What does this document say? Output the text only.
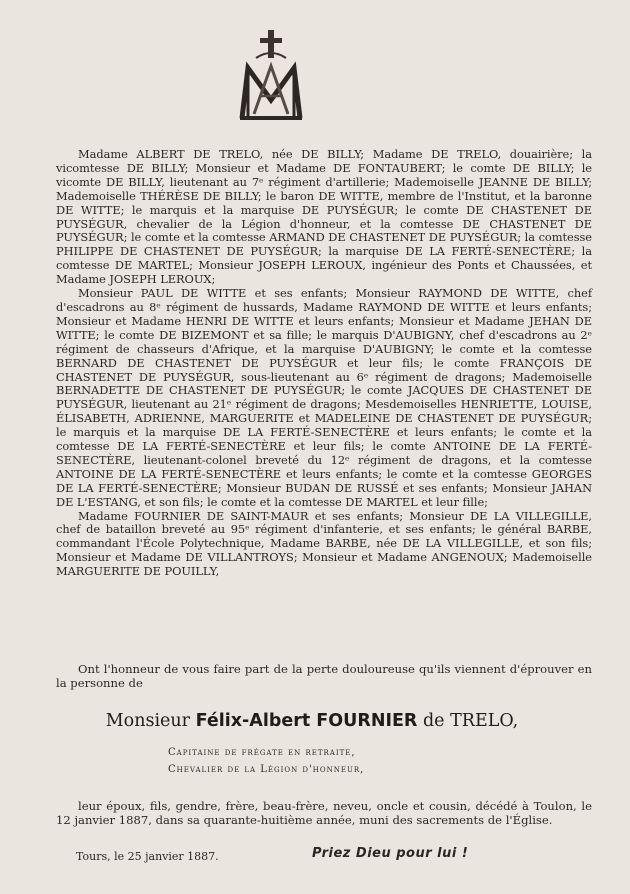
Madame ALBERT DE TRELO, née DE BILLY; Madame DE TRELO, douairière; la vicomtesse DE BILLY; Monsieur et Madame DE FONTAUBERT; le comte DE BILLY; le vicomte DE BILLY, lieutenant au 7ᵉ régiment d'artillerie; Mademoiselle JEANNE DE BILLY; Mademoiselle THÉRÈSE DE BILLY; le baron DE WITTE, membre de l'Institut, et la baronne DE WITTE; le marquis et la marquise DE PUYSÉGUR; le comte DE CHASTENET DE PUYSÉGUR, chevalier de la Légion d'honneur, et la comtesse DE CHASTENET DE PUYSÉGUR; le comte et la comtesse ARMAND DE CHASTENET DE PUYSÉGUR; la comtesse PHILIPPE DE CHASTENET DE PUYSÉGUR; la marquise DE LA FERTÉ-SENECTÈRE; la comtesse DE MARTEL; Monsieur JOSEPH LEROUX, ingénieur des Ponts et Chaussées, et Madame JOSEPH LEROUX;

Monsieur PAUL DE WITTE et ses enfants; Monsieur RAYMOND DE WITTE, chef d'escadrons au 8ᵉ régiment de hussards, Madame RAYMOND DE WITTE et leurs enfants; Monsieur et Madame HENRI DE WITTE et leurs enfants; Monsieur et Madame JEHAN DE WITTE; le comte DE BIZEMONT et sa fille; le marquis D'AUBIGNY, chef d'escadrons au 2ᵉ régiment de chasseurs d'Afrique, et la marquise D'AUBIGNY; le comte et la comtesse BERNARD DE CHASTENET DE PUYSÉGUR et leur fils; le comte FRANÇOIS DE CHASTENET DE PUYSÉGUR, sous-lieutenant au 6ᵉ régiment de dragons; Mademoiselle BERNADETTE DE CHASTENET DE PUYSÉGUR; le comte JACQUES DE CHASTENET DE PUYSÉGUR, lieutenant au 21ᵉ régiment de dragons; Mesdemoiselles HENRIETTE, LOUISE, ÉLISABETH, ADRIENNE, MARGUERITE et MADELEINE DE CHASTENET DE PUYSÉGUR; le marquis et la marquise DE LA FERTÉ-SENECTÈRE et leurs enfants; le comte et la comtesse DE LA FERTÉ-SENECTÈRE et leur fils; le comte ANTOINE DE LA FERTÉ-SENECTÈRE, lieutenant-colonel breveté du 12ᵉ régiment de dragons, et la comtesse ANTOINE DE LA FERTÉ-SENECTÈRE et leurs enfants; le comte et la comtesse GEORGES DE LA FERTÉ-SENECTÈRE; Monsieur BUDAN DE RUSSÉ et ses enfants; Monsieur JAHAN DE L'ESTANG, et son fils; le comte et la comtesse DE MARTEL et leur fille;

Madame FOURNIER DE SAINT-MAUR et ses enfants; Monsieur DE LA VILLEGILLE, chef de bataillon breveté au 95ᵉ régiment d'infanterie, et ses enfants; le général BARBE, commandant l'École Polytechnique, Madame BARBE, née DE LA VILLEGILLE, et son fils; Monsieur et Madame DE VILLANTROYS; Monsieur et Madame ANGENOUX; Mademoiselle MARGUERITE DE POUILLY,

Ont l'honneur de vous faire part de la perte douloureuse qu'ils viennent d'éprouver en la personne de

Monsieur Félix-Albert FOURNIER de TRELO,
Capitaine de frégate en retraite,
Chevalier de la Légion d'honneur,

leur époux, fils, gendre, frère, beau-frère, neveu, oncle et cousin, décédé à Toulon, le 12 janvier 1887, dans sa quarante-huitième année, muni des sacrements de l'Église.

Tours, le 25 janvier 1887.	Priez Dieu pour lui !
